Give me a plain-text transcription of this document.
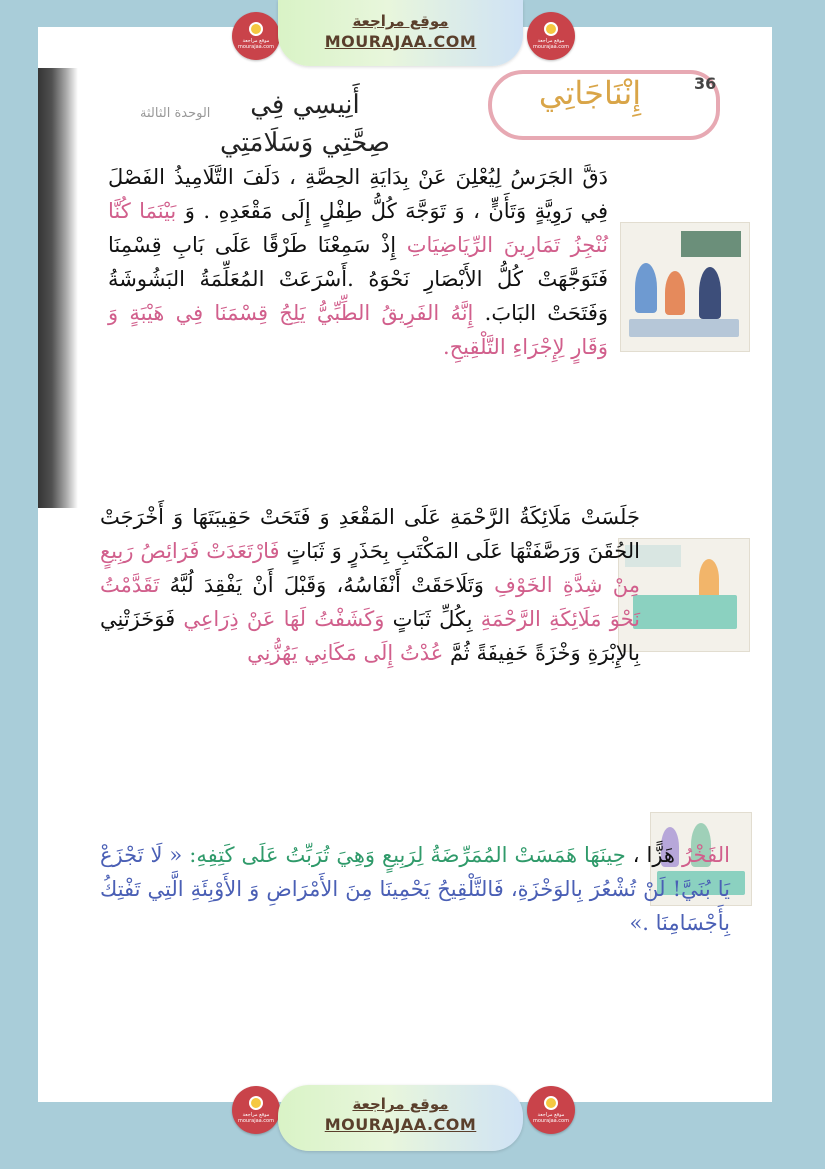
موقع مراجعة
mourajaa.com
موقع مراجعة
MOURAJAA.COM	موقع مراجعة
mourajaa.com
إِنْنَاجَاتِي	36
الوحدة الثالثة	أَنِيسِي فِي
صِحَّتِي وَسَلَامَتِي
دَقَّ الجَرَسُ لِيُعْلِنَ عَنْ بِدَايَةِ الحِصَّةِ ، دَلَفَ التَّلَامِيذُ الفَصْلَ فِي رَوِيَّةٍ وَتَأَنٍّ ، وَ تَوَجَّهَ كُلُّ طِفْلٍ إِلَى مَقْعَدِهِ . وَ بَيْنَمَا كُنَّا نُنْجِزُ تَمَارِينَ الرِّيَاضِيَاتِ إِذْ سَمِعْنَا طَرْقًا عَلَى بَابِ قِسْمِنَا فَتَوَجَّهَتْ كُلُّ الأَبْصَارِ نَحْوَهُ .أَسْرَعَتْ المُعَلِّمَةُ البَشُوشَةُ وَفَتَحَتْ البَابَ. إِنَّهُ الفَرِيقُ الطِّبِّيُّ يَلِجُ قِسْمَنَا فِي هَيْبَةٍ وَ وَقَارٍ لِإِجْرَاءِ التَّلْقِيحِ.
جَلَسَتْ مَلَائِكَةُ الرَّحْمَةِ عَلَى المَقْعَدِ وَ فَتَحَتْ حَقِيبَتَهَا وَ أَخْرَجَتْ الحُقَنَ وَرَصَّفَتْهَا عَلَى المَكْتَبِ بِحَذَرٍ وَ ثَبَاتٍ فَارْتَعَدَتْ فَرَائِصُ رَبِيعٍ مِنْ شِدَّةِ الخَوْفِ وَتَلَاحَقَتْ أَنْفَاسُهُ، وَقَبْلَ أَنْ يَفْقِدَ لُبَّهُ تَقَدَّمْتُ نَحْوَ مَلَائِكَةِ الرَّحْمَةِ بِكُلِّ ثَبَاتٍ وَكَشَفْتُ لَهَا عَنْ ذِرَاعِي فَوَخَزَتْنِي بِالإِبْرَةِ وَخْزَةً خَفِيفَةً ثُمَّ عُدْتُ إِلَى مَكَانِي يَهُزُّنِي
الفَخْرُ هَزًّا ، حِينَهَا هَمَسَتْ المُمَرِّضَةُ لِرَبِيعٍ وَهِيَ تُرَبِّتُ عَلَى كَتِفِهِ: « لَا تَجْزَعْ يَا بُنَيَّ! لَنْ تُشْعُرَ بِالوَخْزَةِ، فَالتَّلْقِيحُ يَحْمِينَا مِنَ الأَمْرَاضِ وَ الأَوْبِئَةِ الَّتِي تَفْتِكُ بِأَجْسَامِنَا .»
موقع مراجعة
mourajaa.com
موقع مراجعة
MOURAJAA.COM	موقع مراجعة
mourajaa.com
